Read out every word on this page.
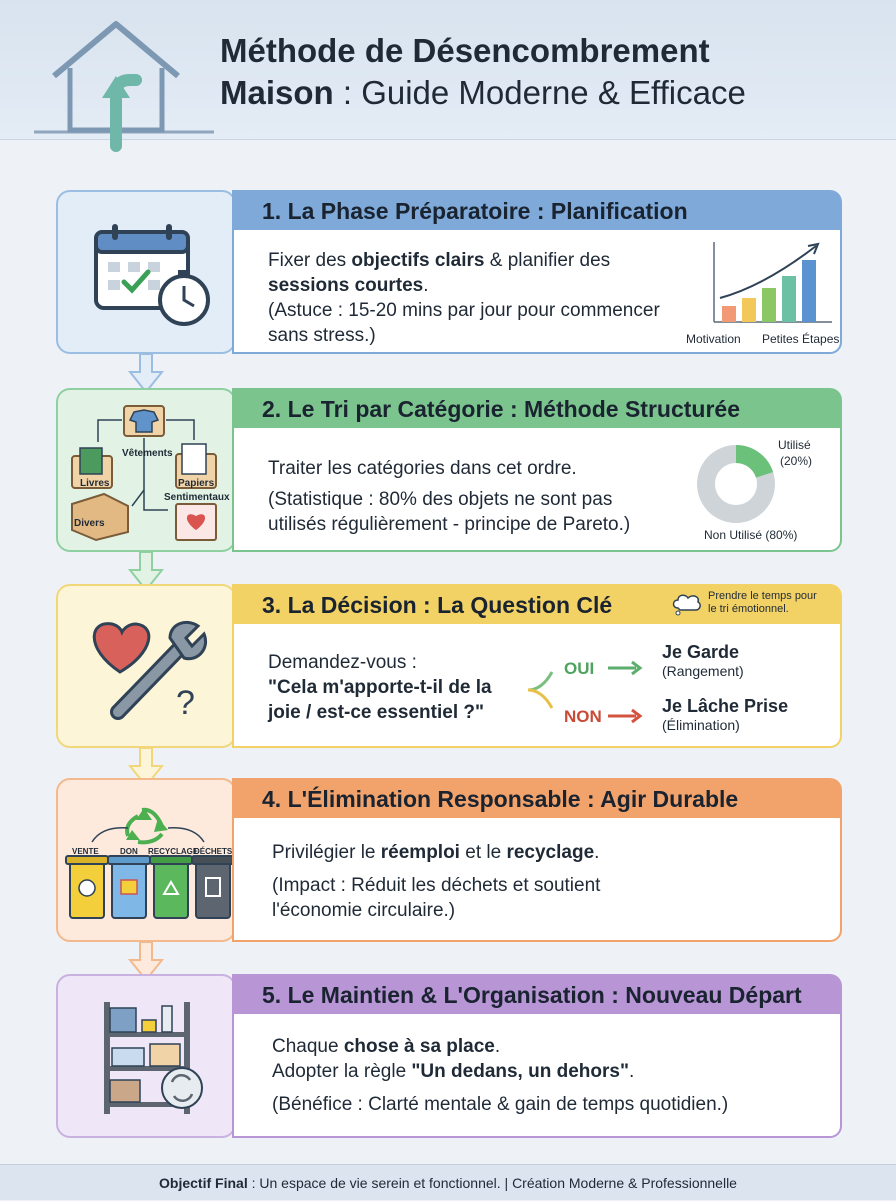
Méthode de Désencombrement
Maison : Guide Moderne & Efficace
1. La Phase Préparatoire : Planification
Fixer des objectifs clairs & planifier des
sessions courtes.
(Astuce : 15-20 mins par jour pour commencer
sans stress.)	Motivation Petites Étapes
Vêtements
Livres	Papiers
Sentimentaux
Divers
2. Le Tri par Catégorie : Méthode Structurée
Traiter les catégories dans cet ordre.
(Statistique : 80% des objets ne sont pas
utilisés régulièrement - principe de Pareto.)
Utilisé
(20%)
Non Utilisé (80%)
?
3. La Décision : La Question Clé	Prendre le temps pour
le tri émotionnel.
Demandez-vous :
"Cela m'apporte-t-il de la
joie / est-ce essentiel ?"
OUI
NON
Je Garde
(Rangement)
Je Lâche Prise
(Élimination)
VENTE	DON RECYCLAGE
DÉCHETS
4. L'Élimination Responsable : Agir Durable
Privilégier le réemploi et le recyclage.
(Impact : Réduit les déchets et soutient
l'économie circulaire.)
5. Le Maintien & L'Organisation : Nouveau Départ
Chaque chose à sa place.
Adopter la règle "Un dedans, un dehors".
(Bénéfice : Clarté mentale & gain de temps quotidien.)
Objectif Final : Un espace de vie serein et fonctionnel. | Création Moderne & Professionnelle
